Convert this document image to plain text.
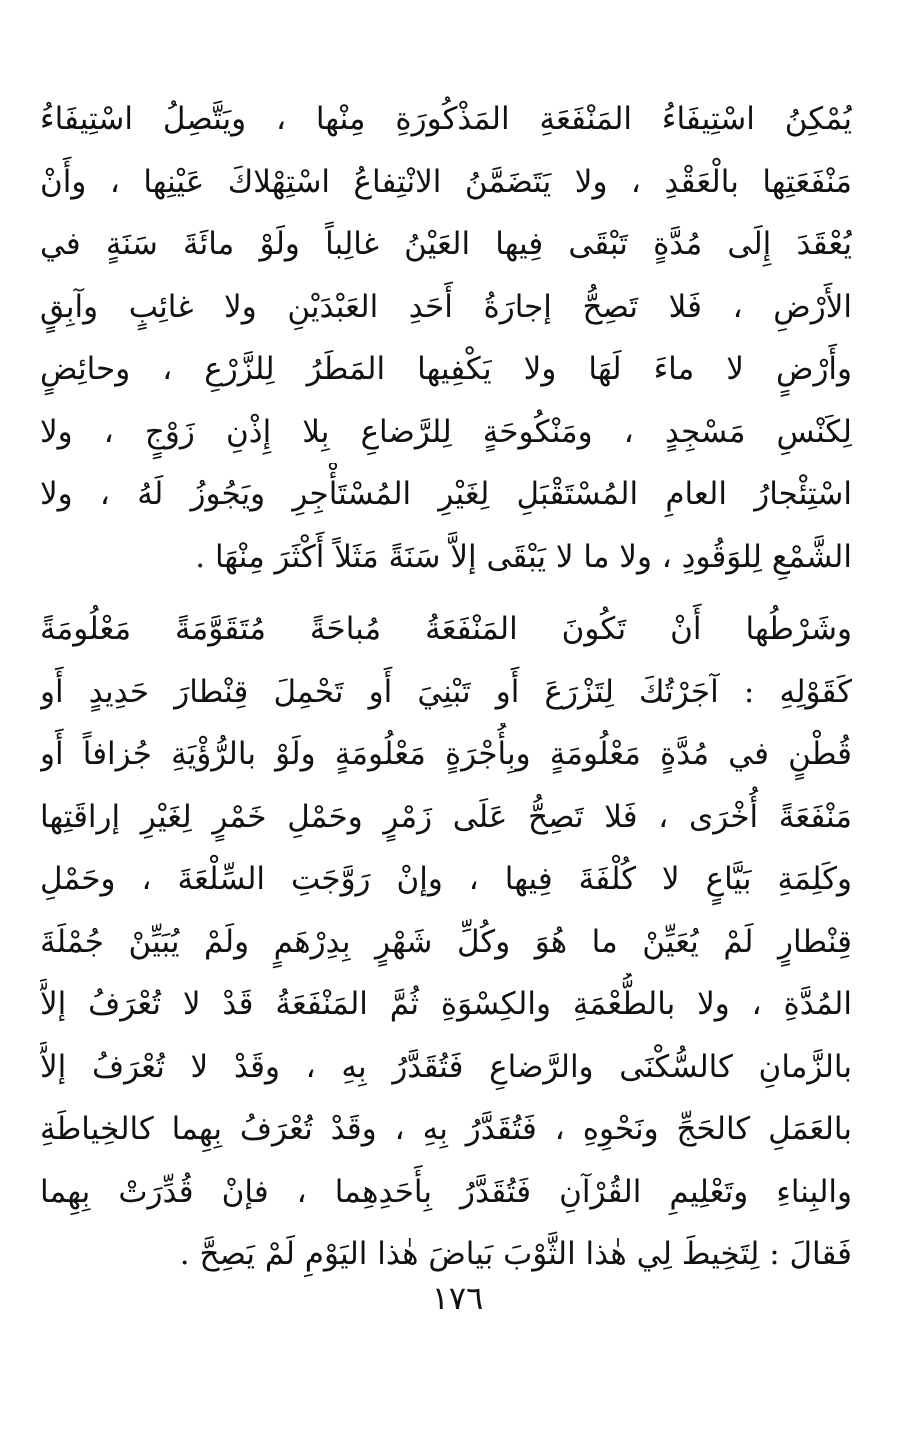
يُمْكِنُ اسْتِيفَاءُ المَنْفَعَةِ المَذْكُورَةِ مِنْها ، ويَتَّصِلُ اسْتِيفَاءُ
مَنْفَعَتِها بالْعَقْدِ ، ولا يَتَضَمَّنُ الانْتِفاعُ اسْتِهْلاكَ عَيْنِها ، وأَنْ
يُعْقَدَ إِلَى مُدَّةٍ تَبْقَى فِيها العَيْنُ غالِباً ولَوْ مائَةَ سَنَةٍ في
الأَرْضِ ، فَلا تَصِحُّ إجارَةُ أَحَدِ العَبْدَيْنِ ولا غائِبٍ وآبِقٍ
وأَرْضٍ لا ماءَ لَهَا ولا يَكْفِيها المَطَرُ لِلزَّرْعِ ، وحائِضٍ
لِكَنْسِ مَسْجِدٍ ، ومَنْكُوحَةٍ لِلرَّضاعِ بِلا إِذْنِ زَوْجٍ ، ولا
اسْتِئْجارُ العامِ المُسْتَقْبَلِ لِغَيْرِ المُسْتَأْجِرِ ويَجُوزُ لَهُ ، ولا
الشَّمْعِ لِلوَقُودِ ، ولا ما لا يَبْقَى إلاَّ سَنَةً مَثَلاً أَكْثَرَ مِنْهَا .
وشَرْطُها أَنْ تَكُونَ المَنْفَعَةُ مُباحَةً مُتَقَوَّمَةً مَعْلُومَةً
كَقَوْلِهِ : آجَرْتُكَ لِتَزْرَعَ أَو تَبْنِيَ أَو تَحْمِلَ قِنْطارَ حَدِيدٍ أَو
قُطْنٍ في مُدَّةٍ مَعْلُومَةٍ وبِأُجْرَةٍ مَعْلُومَةٍ ولَوْ بالرُّؤْيَةِ جُزافاً أَو
مَنْفَعَةً أُخْرَى ، فَلا تَصِحُّ عَلَى زَمْرٍ وحَمْلِ خَمْرٍ لِغَيْرِ إراقَتِها
وكَلِمَةِ بَيَّاعٍ لا كُلْفَةَ فِيها ، وإنْ رَوَّجَتِ السِّلْعَةَ ، وحَمْلِ
قِنْطارٍ لَمْ يُعَيِّنْ ما هُوَ وكُلِّ شَهْرٍ بِدِرْهَمٍ ولَمْ يُبَيِّنْ جُمْلَةَ
المُدَّةِ ، ولا بالطُّعْمَةِ والكِسْوَةِ ثُمَّ المَنْفَعَةُ قَدْ لا تُعْرَفُ إلاَّ
بالزَّمانِ كالسُّكْنَى والرَّضاعِ فَتُقَدَّرُ بِهِ ، وقَدْ لا تُعْرَفُ إلاَّ
بالعَمَلِ كالحَجِّ ونَحْوِهِ ، فَتُقَدَّرُ بِهِ ، وقَدْ تُعْرَفُ بِهِما كالخِياطَةِ
والبِناءِ وتَعْلِيمِ القُرْآنِ فَتُقَدَّرُ بِأَحَدِهِما ، فإنْ قُدِّرَتْ بِهِما
فَقالَ : لِتَخِيطَ لِي هٰذا الثَّوْبَ بَياضَ هٰذا اليَوْمِ لَمْ يَصِحَّ .
١٧٦
